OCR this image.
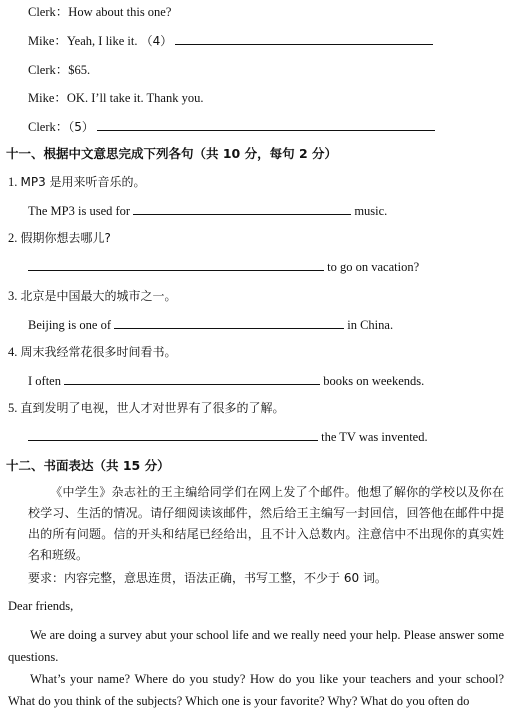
Clerk：How about this one?
Mike：Yeah, I like it. （4）
Clerk：$65.
Mike：OK. I’ll take it. Thank you.
Clerk：（5）
十一、根据中文意思完成下列各句（共 10 分，每句 2 分）
1. MP3 是用来听音乐的。
The MP3 is used for	music.
2. 假期你想去哪儿?
to go on vacation?
3. 北京是中国最大的城市之一。
Beijing is one of	in China.
4. 周末我经常花很多时间看书。
I often	books on weekends.
5. 直到发明了电视，世人才对世界有了很多的了解。
the TV was invented.
十二、书面表达（共 15 分）
《中学生》杂志社的王主编给同学们在网上发了个邮件。他想了解你的学校以及你在校学习、生活的情况。请仔细阅读该邮件，然后给王主编写一封回信，回答他在邮件中提出的所有问题。信的开头和结尾已经给出，且不计入总数内。注意信中不出现你的真实姓名和班级。
要求：内容完整，意思连贯，语法正确，书写工整，不少于 60 词。
Dear friends,
We are doing a survey abut your school life and we really need your help. Please answer some questions.
What’s your name? Where do you study? How do you like your teachers and your school? What do you think of the subjects? Which one is your favorite? Why? What do you often do
